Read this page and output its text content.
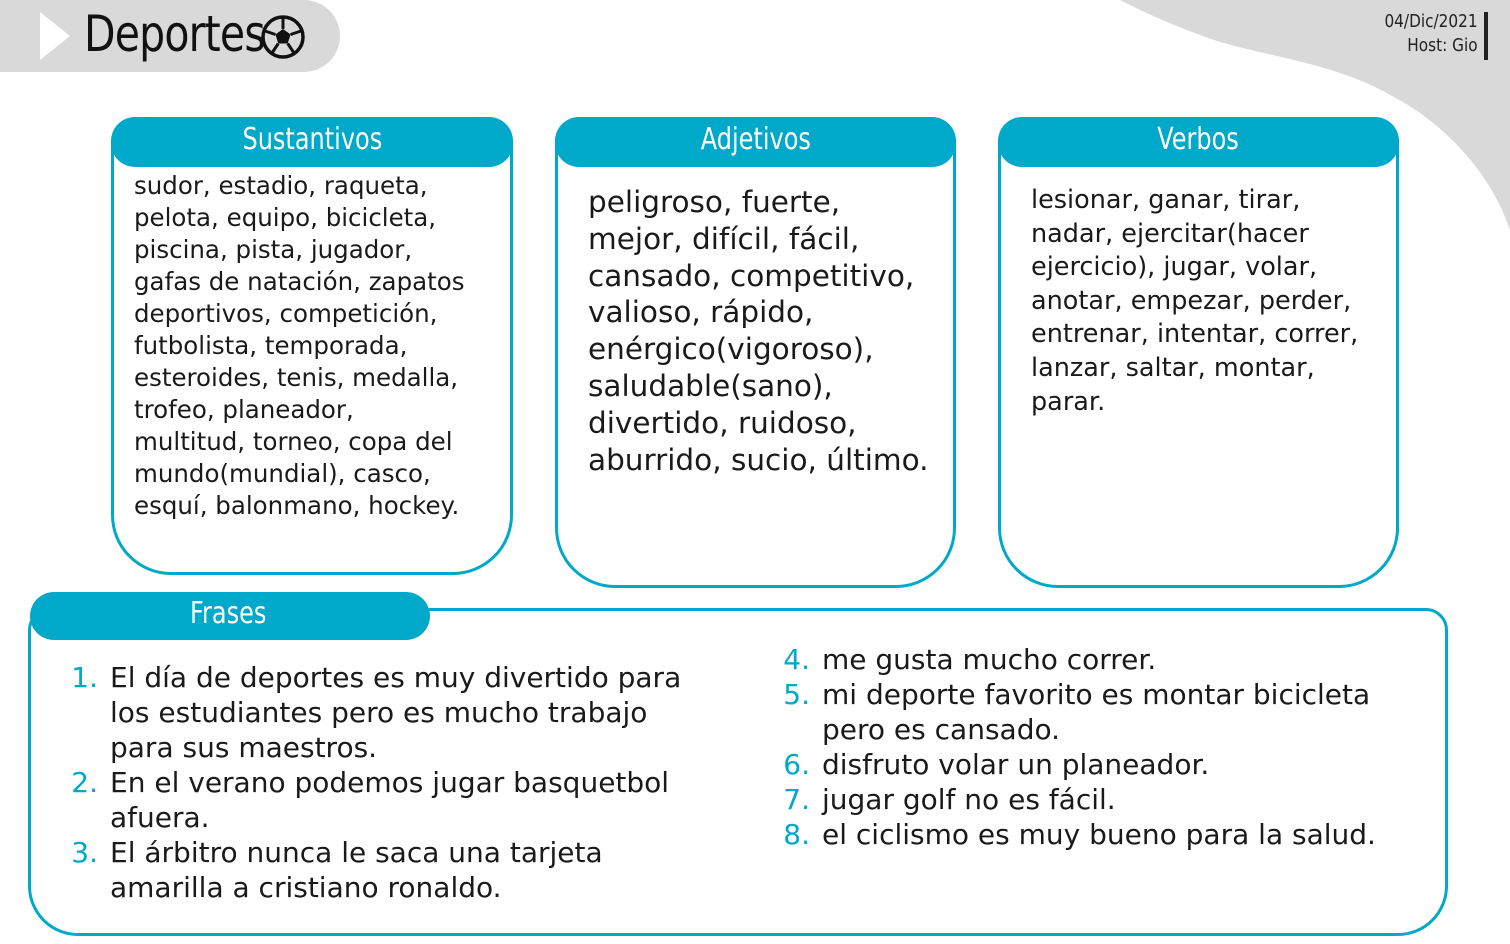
Deportes	04/Dic/2021
Host: Gio
Sustantivos
sudor, estadio, raqueta,
pelota, equipo, bicicleta,
piscina, pista, jugador,
gafas de natación, zapatos
deportivos, competición,
futbolista, temporada,
esteroides, tenis, medalla,
trofeo, planeador,
multitud, torneo, copa del
mundo(mundial), casco,
esquí, balonmano, hockey.
Adjetivos
peligroso, fuerte,
mejor, difícil, fácil,
cansado, competitivo,
valioso, rápido,
enérgico(vigoroso),
saludable(sano),
divertido, ruidoso,
aburrido, sucio, último.
Verbos
lesionar, ganar, tirar,
nadar, ejercitar(hacer
ejercicio), jugar, volar,
anotar, empezar, perder,
entrenar, intentar, correr,
lanzar, saltar, montar,
parar.
Frases
1. El día de deportes es muy divertido para
los estudiantes pero es mucho trabajo
para sus maestros.
2. En el verano podemos jugar basquetbol
afuera.
3. El árbitro nunca le saca una tarjeta
amarilla a cristiano ronaldo.
4. me gusta mucho correr.
5. mi deporte favorito es montar bicicleta
pero es cansado.
6. disfruto volar un planeador.
7. jugar golf no es fácil.
8. el ciclismo es muy bueno para la salud.
